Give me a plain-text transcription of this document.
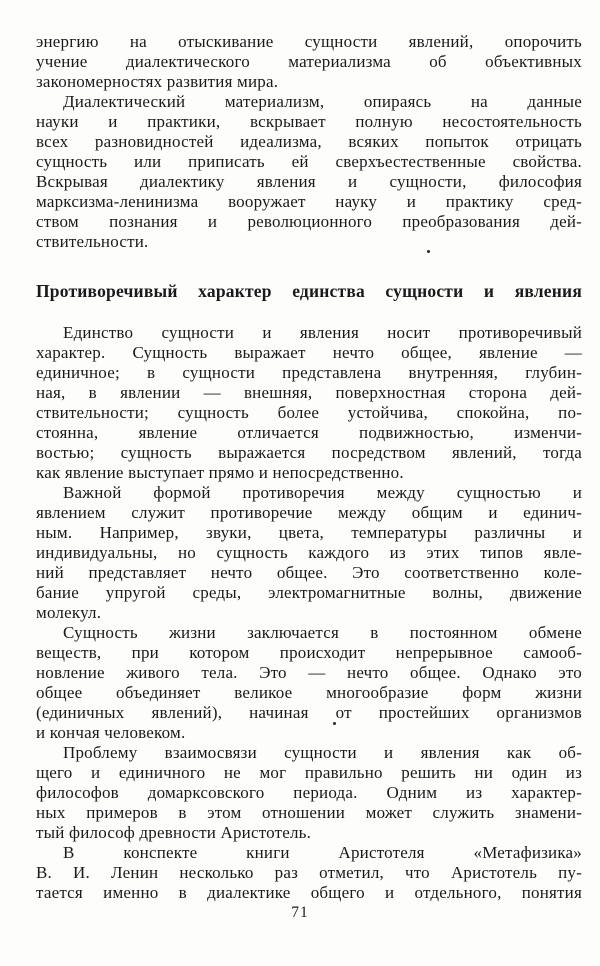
энергию на отыскивание сущности явлений, опорочить
учение диалектического материализма об объективных
закономерностях развития мира.

Диалектический материализм, опираясь на данные
науки и практики, вскрывает полную несостоятельность
всех разновидностей идеализма, всяких попыток отрицать
сущность или приписать ей сверхъестественные свойства.
Вскрывая диалектику явления и сущности, философия
марксизма-ленинизма вооружает науку и практику сред-
ством познания и революционного преобразования дей-
ствительности.

Противоречивый характер единства сущности и явления

Единство сущности и явления носит противоречивый
характер. Сущность выражает нечто общее, явление —
единичное; в сущности представлена внутренняя, глубин-
ная, в явлении — внешняя, поверхностная сторона дей-
ствительности; сущность более устойчива, спокойна, по-
стоянна, явление отличается подвижностью, изменчи-
востью; сущность выражается посредством явлений, тогда
как явление выступает прямо и непосредственно.

Важной формой противоречия между сущностью и
явлением служит противоречие между общим и единич-
ным. Например, звуки, цвета, температуры различны и
индивидуальны, но сущность каждого из этих типов явле-
ний представляет нечто общее. Это соответственно коле-
бание упругой среды, электромагнитные волны, движение
молекул.

Сущность жизни заключается в постоянном обмене
веществ, при котором происходит непрерывное самооб-
новление живого тела. Это — нечто общее. Однако это
общее объединяет великое многообразие форм жизни
(единичных явлений), начиная от простейших организмов
и кончая человеком.

Проблему взаимосвязи сущности и явления как об-
щего и единичного не мог правильно решить ни один из
философов домарксовского периода. Одним из характер-
ных примеров в этом отношении может служить знамени-
тый философ древности Аристотель.

В конспекте книги Аристотеля «Метафизика»
В. И. Ленин несколько раз отметил, что Аристотель пу-
тается именно в диалектике общего и отдельного, понятия

71
